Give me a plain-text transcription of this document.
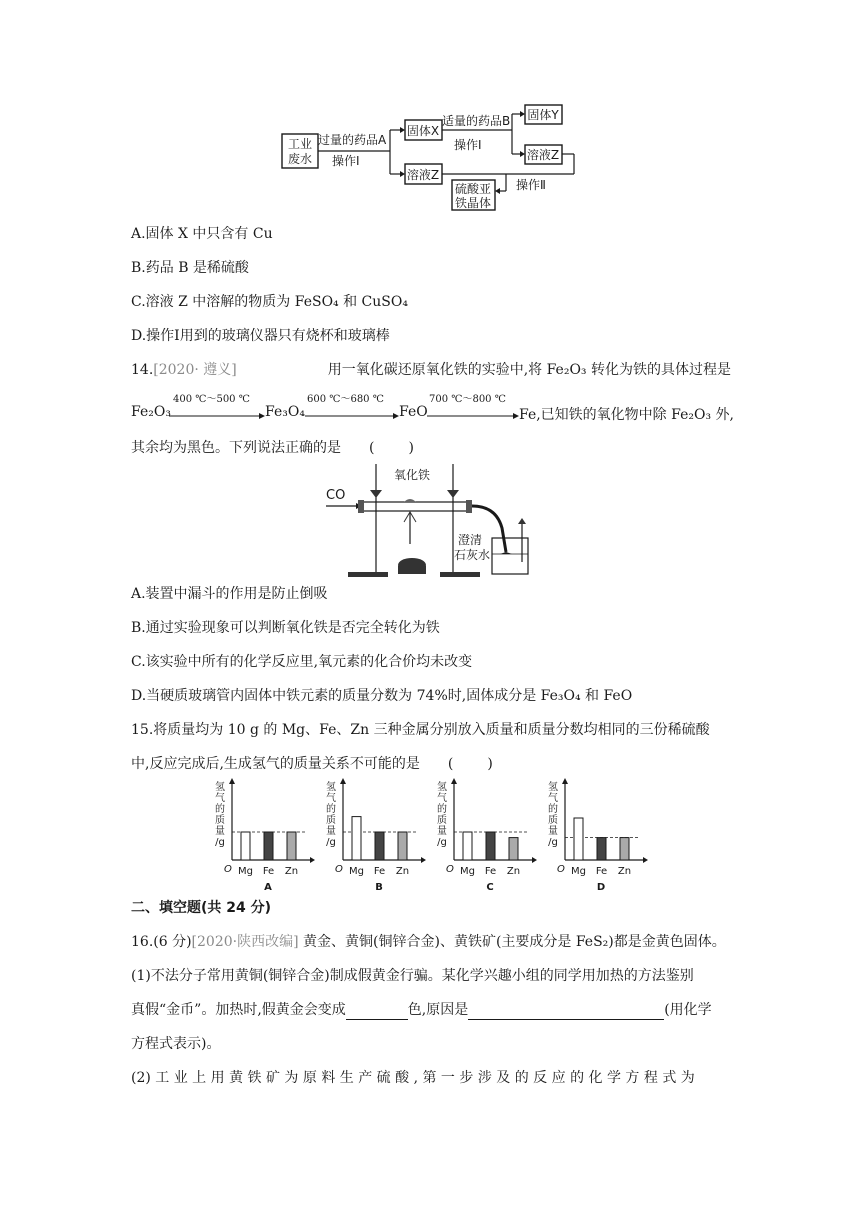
工业
废水
过量的药品A
操作Ⅰ
固体X
溶液Z
适量的药品B
操作Ⅰ
固体Y
溶液Z
操作Ⅱ
硫酸亚
铁晶体
A.固体 X 中只含有 Cu
B.药品 B 是稀硫酸
C.溶液 Z 中溶解的物质为 FeSO₄ 和 CuSO₄
D.操作Ⅰ用到的玻璃仪器只有烧杯和玻璃棒
14.[2020· 遵义]	用一氧化碳还原氧化铁的实验中,将 Fe₂O₃ 转化为铁的具体过程是
Fe₂O₃
400 ℃～500 ℃
Fe₃O₄
600 ℃～680 ℃
FeO
700 ℃～800 ℃
Fe,已知铁的氧化物中除 Fe₂O₃ 外,
其余均为黑色。下列说法正确的是　　 ( )
CO
氧化铁
澄清
石灰水
A.装置中漏斗的作用是防止倒吸
B.通过实验现象可以判断氧化铁是否完全转化为铁
C.该实验中所有的化学反应里,氧元素的化合价均未改变
D.当硬质玻璃管内固体中铁元素的质量分数为 74%时,固体成分是 Fe₃O₄ 和 FeO
15.将质量均为 10 g 的 Mg、Fe、Zn 三种金属分别放入质量和质量分数均相同的三份稀硫酸
中,反应完成后,生成氢气的质量关系不可能的是　　 ( )
氢
气
的
质
量
/g
O Mg Fe Zn
A
氢
气
的
质
量
/g
O Mg Fe Zn
B
氢
气
的
质
量
/g
O Mg Fe Zn
C
氢
气
的
质
量
/g
O Mg Fe Zn
D
二、填空题(共 24 分)
16.(6 分)[2020·陕西改编] 黄金、黄铜(铜锌合金)、黄铁矿(主要成分是 FeS₂)都是金黄色固体。
(1)不法分子常用黄铜(铜锌合金)制成假黄金行骗。某化学兴趣小组的同学用加热的方法鉴别
真假“金币”。加热时,假黄金会变成	色,原因是	(用化学
方程式表示)。
(2) 工 业 上 用 黄 铁 矿 为 原 料 生 产 硫 酸 , 第 一 步 涉 及 的 反 应 的 化 学 方 程 式 为
